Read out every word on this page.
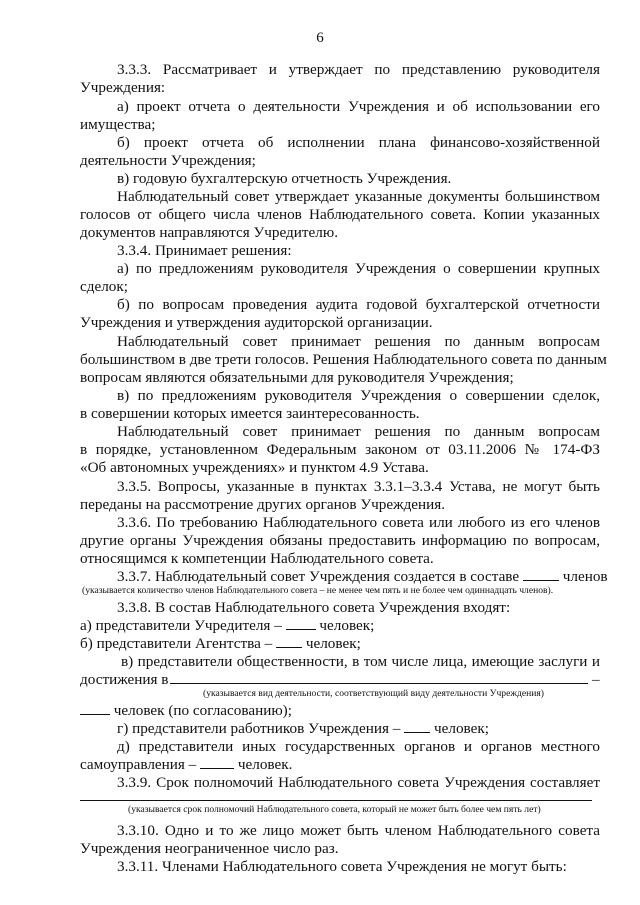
6
3.3.3. Рассматривает и утверждает по представлению руководителя
Учреждения:
а) проект отчета о деятельности Учреждения и об использовании его
имущества;
б) проект отчета об исполнении плана финансово-хозяйственной
деятельности Учреждения;
в) годовую бухгалтерскую отчетность Учреждения.
Наблюдательный совет утверждает указанные документы большинством
голосов от общего числа членов Наблюдательного совета. Копии указанных
документов направляются Учредителю.
3.3.4. Принимает решения:
а) по предложениям руководителя Учреждения о совершении крупных
сделок;
б) по вопросам проведения аудита годовой бухгалтерской отчетности
Учреждения и утверждения аудиторской организации.
Наблюдательный совет принимает решения по данным вопросам
большинством в две трети голосов. Решения Наблюдательного совета по данным
вопросам являются обязательными для руководителя Учреждения;
в) по предложениям руководителя Учреждения о совершении сделок,
в совершении которых имеется заинтересованность.
Наблюдательный совет принимает решения по данным вопросам
в порядке, установленном Федеральным законом от 03.11.2006 № 174-ФЗ
«Об автономных учреждениях» и пунктом 4.9 Устава.
3.3.5. Вопросы, указанные в пунктах 3.3.1–3.3.4 Устава, не могут быть
переданы на рассмотрение других органов Учреждения.
3.3.6. По требованию Наблюдательного совета или любого из его членов
другие органы Учреждения обязаны предоставить информацию по вопросам,
относящимся к компетенции Наблюдательного совета.
3.3.7. Наблюдательный совет Учреждения создается в составе	членов
(указывается количество членов Наблюдательного совета – не менее чем пять и не более чем одиннадцать членов).
3.3.8. В состав Наблюдательного совета Учреждения входят:
а) представители Учредителя – человек;
б) представители Агентства – человек;
в) представители общественности, в том числе лица, имеющие заслуги и
достижения в	–
(указывается вид деятельности, соответствующий виду деятельности Учреждения)
человек (по согласованию);
г) представители работников Учреждения – человек;
д) представители иных государственных органов и органов местного
самоуправления –	человек.
3.3.9. Срок полномочий Наблюдательного совета Учреждения составляет
(указывается срок полномочий Наблюдательного совета, который не может быть более чем пять лет)
3.3.10. Одно и то же лицо может быть членом Наблюдательного совета
Учреждения неограниченное число раз.
3.3.11. Членами Наблюдательного совета Учреждения не могут быть:
